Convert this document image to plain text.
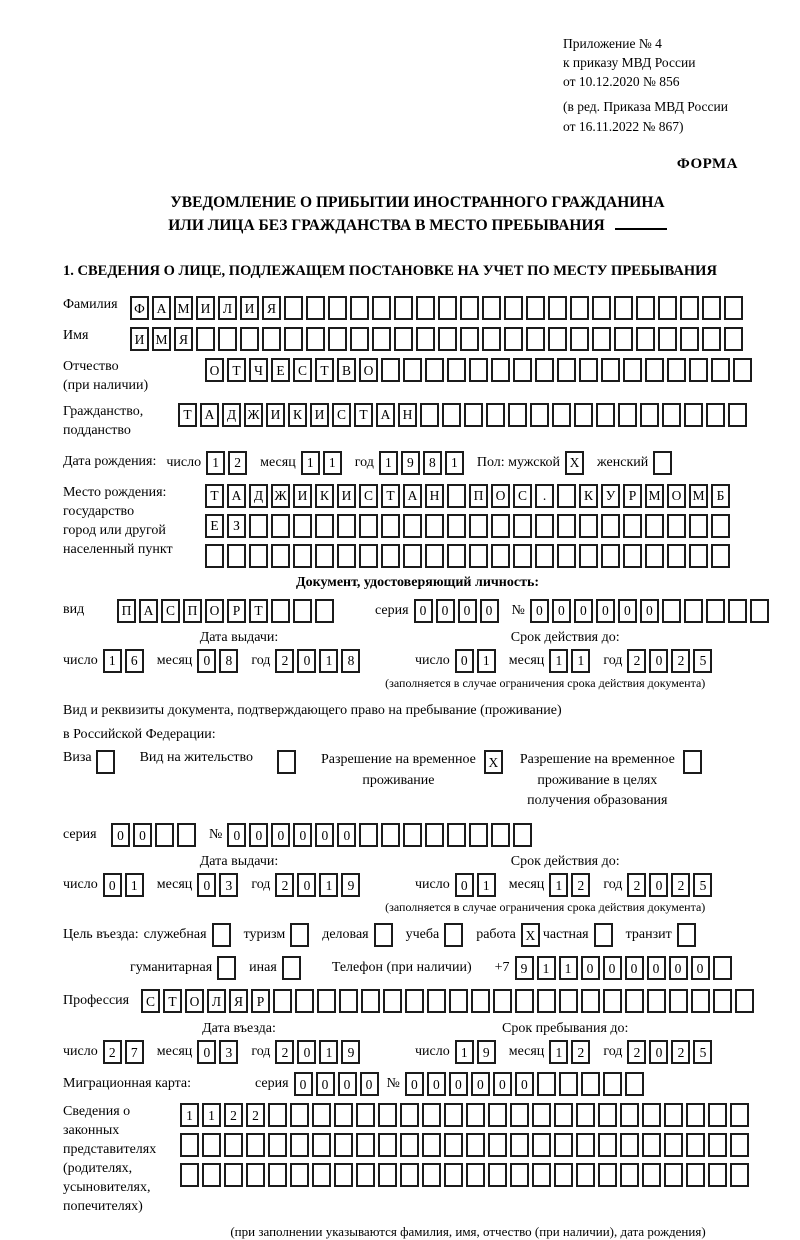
Приложение № 4
к приказу МВД России
от 10.12.2020 № 856
(в ред. Приказа МВД России
от 16.11.2022 № 867)
ФОРМА
УВЕДОМЛЕНИЕ О ПРИБЫТИИ ИНОСТРАННОГО ГРАЖДАНИНА
ИЛИ ЛИЦА БЕЗ ГРАЖДАНСТВА В МЕСТО ПРЕБЫВАНИЯ
1. СВЕДЕНИЯ О ЛИЦЕ, ПОДЛЕЖАЩЕМ ПОСТАНОВКЕ НА УЧЕТ ПО МЕСТУ ПРЕБЫВАНИЯ
Фамилия	Ф А М И Л И Я
Имя	И М Я
Отчество
(при наличии)
О Т Ч Е С Т В О
Гражданство,
подданство
Т А Д Ж И К И С Т А Н
Дата рождения: число 1	2	месяц 1	1	год 1	9	8	1	Пол: мужской X	женский
Место рождения:
государство
город или другой
населенный пункт
Т А Д Ж И К И С Т А Н	П О С	.	К У Р М О М Б
Е	З
Документ, удостоверяющий личность:
вид	П А С П О Р	Т	серия 0	0	0	0	№ 0	0	0	0	0	0
Дата выдачи:
число 1	6	месяц 0	8	год 2	0	1	8
Срок действия до:
число 0	1	месяц 1	1	год 2	0	2	5
(заполняется в случае ограничения срока действия документа)
Вид и реквизиты документа, подтверждающего право на пребывание (проживание)
в Российской Федерации:
Виза	Вид на жительство	Разрешение на временное
проживание
X	Разрешение на временное
проживание в целях
получения образования
серия	0	0	№ 0	0	0	0	0	0
Дата выдачи:
число 0	1	месяц 0	3	год 2	0	1	9
Срок действия до:
число 0	1	месяц 1	2	год 2	0	2	5
(заполняется в случае ограничения срока действия документа)
Цель въезда: служебная	туризм	деловая	учеба	работа X частная	транзит
гуманитарная	иная	Телефон (при наличии) +7 9	1	1	0	0	0	0	0	0
Профессия	С Т О Л Я	Р
Дата въезда:
число 2	7	месяц 0	3	год 2	0	1	9
Срок пребывания до:
число 1	9	месяц 1	2	год 2	0	2	5
Миграционная карта:	серия 0	0	0	0	№ 0	0	0	0	0	0
Сведения о
законных
представителях
(родителях,
усыновителях,
попечителях)
1	1	2	2
(при заполнении указываются фамилия, имя, отчество (при наличии), дата рождения)
